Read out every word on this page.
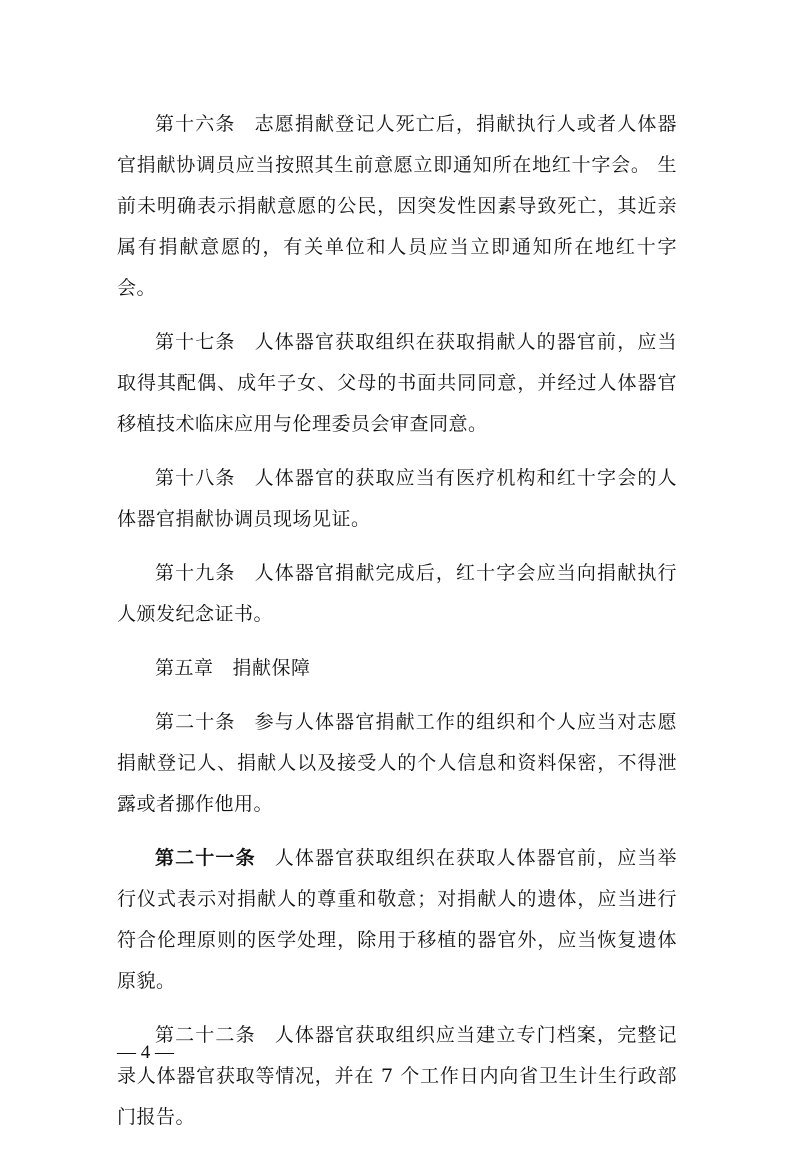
第十六条 志愿捐献登记人死亡后，捐献执行人或者人体器官捐献协调员应当按照其生前意愿立即通知所在地红十字会。 生前未明确表示捐献意愿的公民，因突发性因素导致死亡，其近亲属有捐献意愿的，有关单位和人员应当立即通知所在地红十字会。

第十七条 人体器官获取组织在获取捐献人的器官前，应当取得其配偶、成年子女、父母的书面共同同意，并经过人体器官移植技术临床应用与伦理委员会审查同意。

第十八条 人体器官的获取应当有医疗机构和红十字会的人体器官捐献协调员现场见证。

第十九条 人体器官捐献完成后，红十字会应当向捐献执行人颁发纪念证书。

第五章 捐献保障

第二十条 参与人体器官捐献工作的组织和个人应当对志愿捐献登记人、捐献人以及接受人的个人信息和资料保密，不得泄露或者挪作他用。

第二十一条 人体器官获取组织在获取人体器官前，应当举行仪式表示对捐献人的尊重和敬意；对捐献人的遗体，应当进行符合伦理原则的医学处理，除用于移植的器官外，应当恢复遗体原貌。

第二十二条 人体器官获取组织应当建立专门档案，完整记录人体器官获取等情况，并在 7 个工作日内向省卫生计生行政部门报告。

— 4 —
